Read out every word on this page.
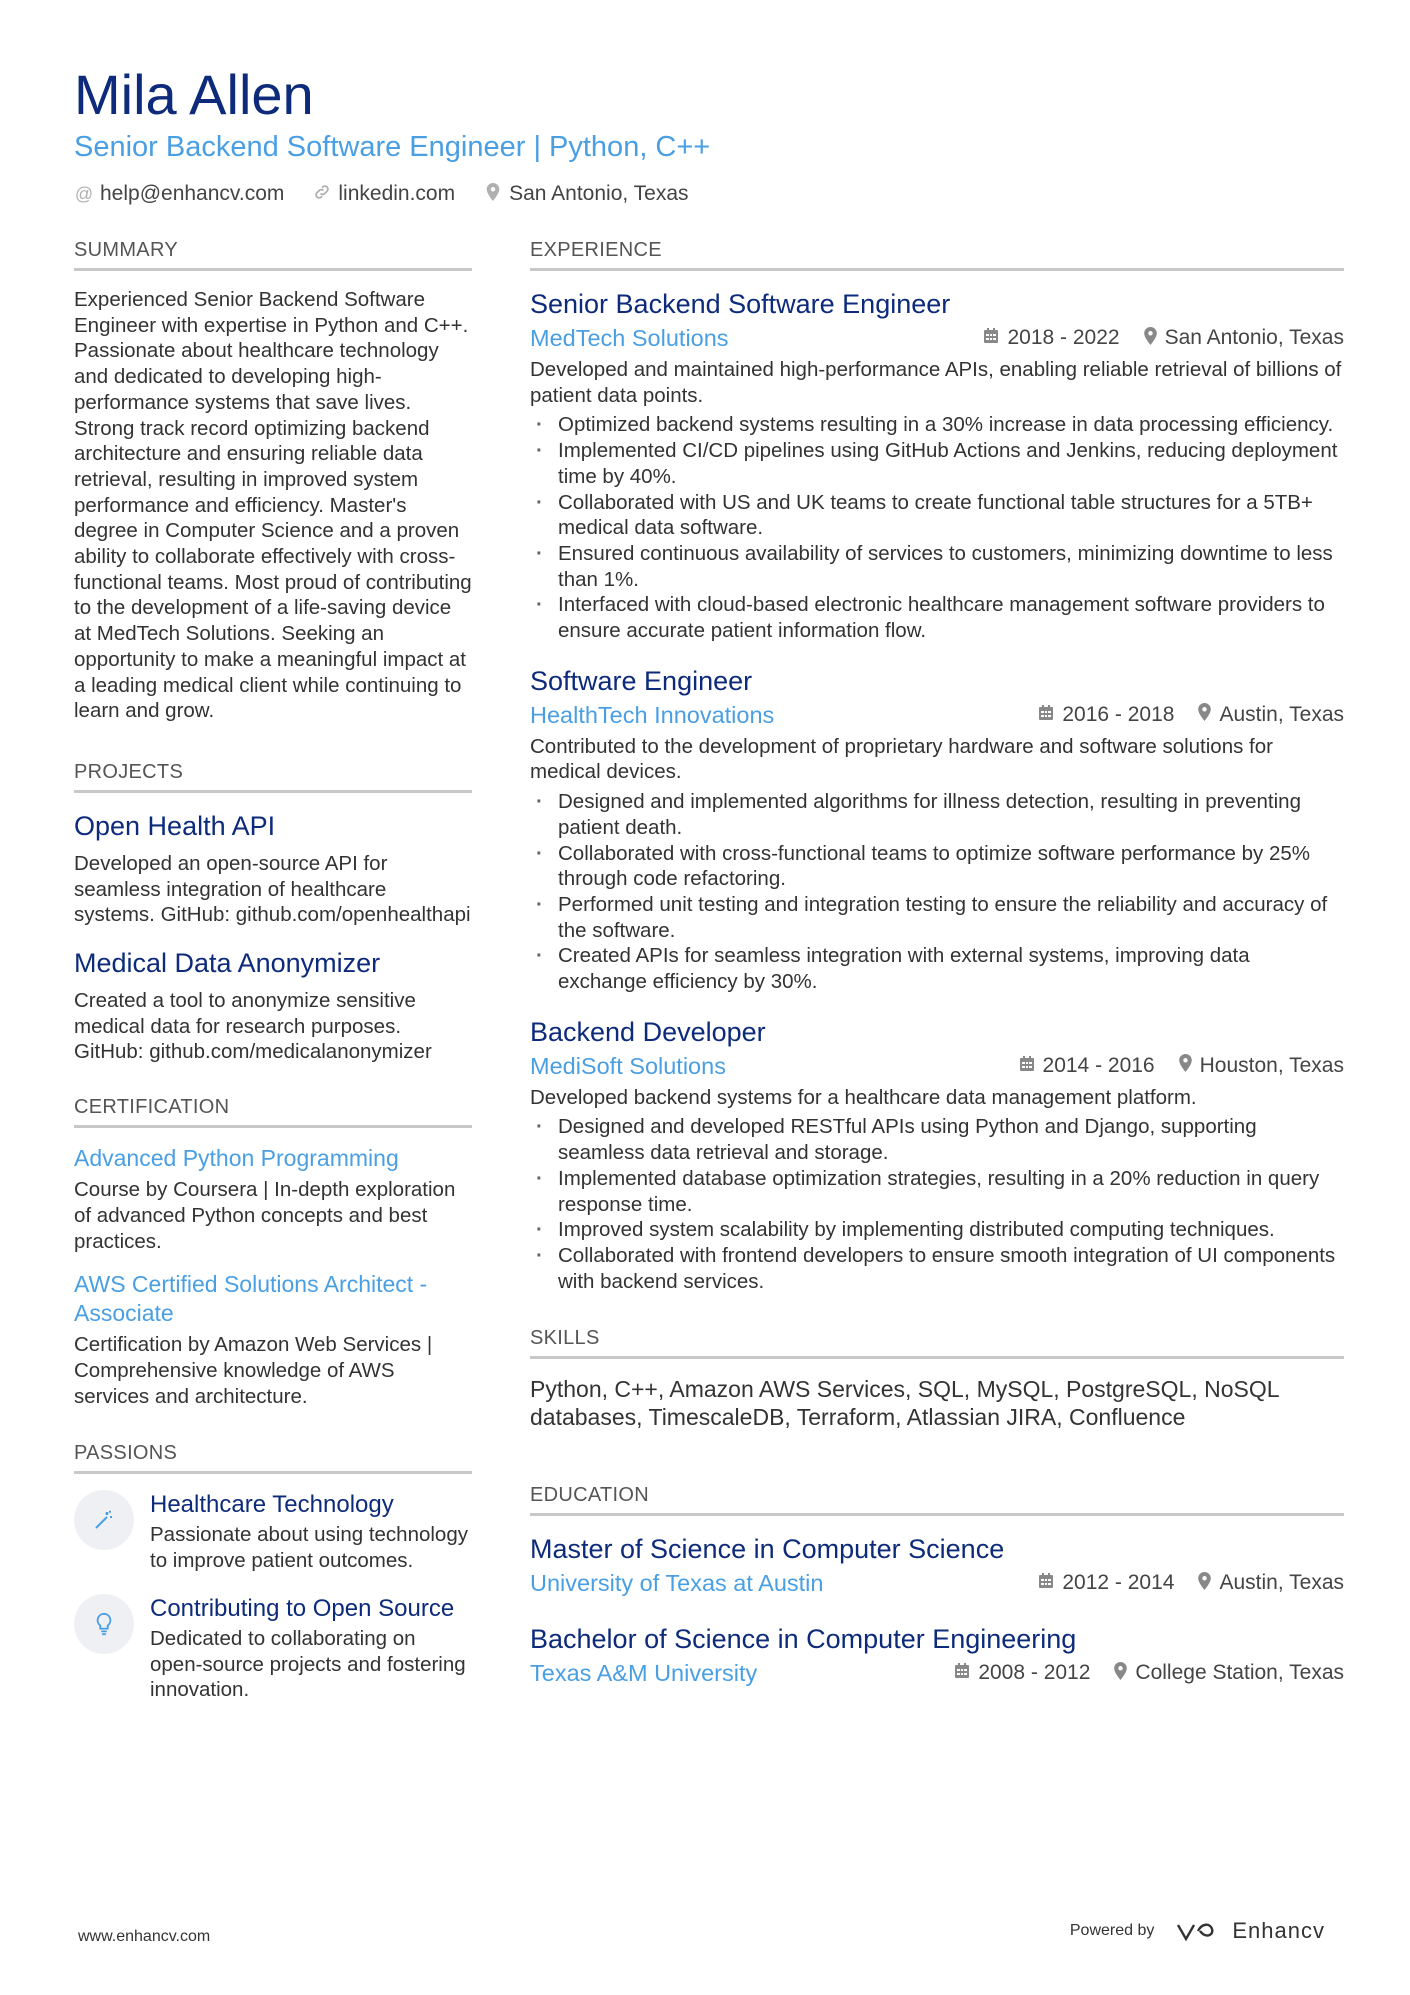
Mila Allen
Senior Backend Software Engineer | Python, C++
@ help@enhancv.com	linkedin.com	San Antonio, Texas
SUMMARY

Experienced Senior Backend Software Engineer with expertise in Python and C++. Passionate about healthcare technology and dedicated to developing high-performance systems that save lives. Strong track record optimizing backend architecture and ensuring reliable data retrieval, resulting in improved system performance and efficiency. Master's degree in Computer Science and a proven ability to collaborate effectively with cross-functional teams. Most proud of contributing to the development of a life-saving device at MedTech Solutions. Seeking an opportunity to make a meaningful impact at a leading medical client while continuing to learn and grow.

PROJECTS
Open Health API

Developed an open-source API for seamless integration of healthcare systems. GitHub: github.com/openhealthapi

Medical Data Anonymizer

Created a tool to anonymize sensitive medical data for research purposes. GitHub: github.com/medicalanonymizer

CERTIFICATION
Advanced Python Programming

Course by Coursera | In-depth exploration of advanced Python concepts and best practices.

AWS Certified Solutions Architect - Associate

Certification by Amazon Web Services | Comprehensive knowledge of AWS services and architecture.

PASSIONS
Healthcare Technology

Passionate about using technology to improve patient outcomes.

Contributing to Open Source

Dedicated to collaborating on open-source projects and fostering innovation.

EXPERIENCE
Senior Backend Software Engineer
MedTech Solutions	2018 - 2022 San Antonio, Texas

Developed and maintained high-performance APIs, enabling reliable retrieval of billions of patient data points.

· Optimized backend systems resulting in a 30% increase in data processing efficiency.
· Implemented CI/CD pipelines using GitHub Actions and Jenkins, reducing deployment time by 40%.
· Collaborated with US and UK teams to create functional table structures for a 5TB+ medical data software.
· Ensured continuous availability of services to customers, minimizing downtime to less than 1%.
· Interfaced with cloud-based electronic healthcare management software providers to ensure accurate patient information flow.
Software Engineer
HealthTech Innovations	2016 - 2018 Austin, Texas

Contributed to the development of proprietary hardware and software solutions for medical devices.

· Designed and implemented algorithms for illness detection, resulting in preventing patient death.
· Collaborated with cross-functional teams to optimize software performance by 25% through code refactoring.
· Performed unit testing and integration testing to ensure the reliability and accuracy of the software.
· Created APIs for seamless integration with external systems, improving data exchange efficiency by 30%.
Backend Developer
MediSoft Solutions	2014 - 2016 Houston, Texas

Developed backend systems for a healthcare data management platform.

· Designed and developed RESTful APIs using Python and Django, supporting seamless data retrieval and storage.
· Implemented database optimization strategies, resulting in a 20% reduction in query response time.
· Improved system scalability by implementing distributed computing techniques.
· Collaborated with frontend developers to ensure smooth integration of UI components with backend services.
SKILLS

Python, C++, Amazon AWS Services, SQL, MySQL, PostgreSQL, NoSQL databases, TimescaleDB, Terraform, Atlassian JIRA, Confluence

EDUCATION
Master of Science in Computer Science
University of Texas at Austin	2012 - 2014 Austin, Texas
Bachelor of Science in Computer Engineering
Texas A&M University	2008 - 2012 College Station, Texas
www.enhancv.com	Powered by	Enhancv
